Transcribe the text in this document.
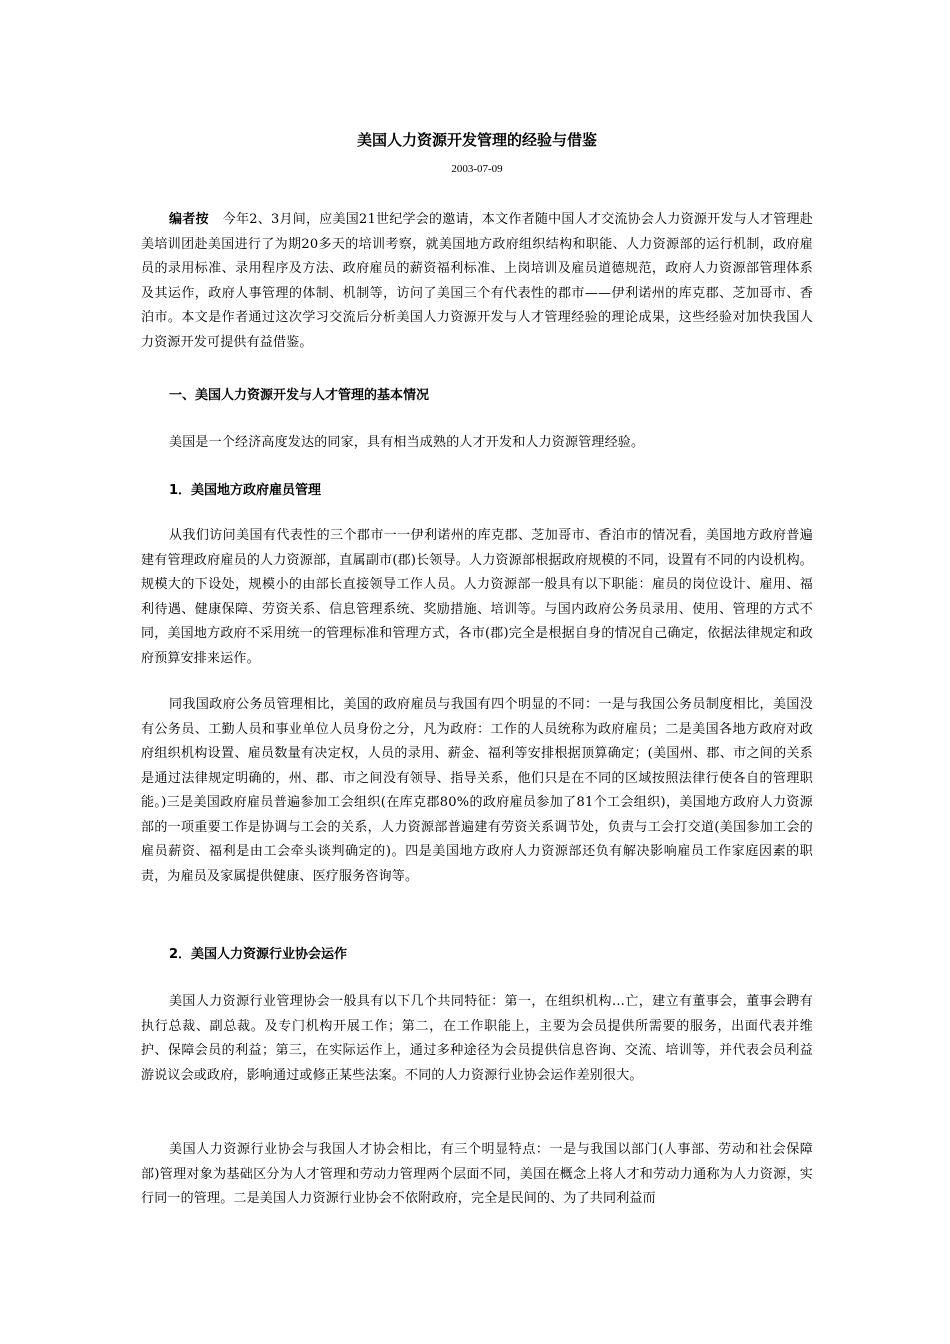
美国人力资源开发管理的经验与借鉴
2003-07-09

编者按 今年2、3月间，应美国21世纪学会的邀请，本文作者随中国人才交流协会人力资源开发与人才管理赴美培训团赴美国进行了为期20多天的培训考察，就美国地方政府组织结构和职能、人力资源部的运行机制，政府雇员的录用标准、录用程序及方法、政府雇员的薪资福利标准、上岗培训及雇员道德规范，政府人力资源部管理体系及其运作，政府人事管理的体制、机制等，访问了美国三个有代表性的郡市——伊利诺州的库克郡、芝加哥市、香泊市。本文是作者通过这次学习交流后分析美国人力资源开发与人才管理经验的理论成果，这些经验对加快我国人力资源开发可提供有益借鉴。

一、美国人力资源开发与人才管理的基本情况

美国是一个经济高度发达的同家，具有相当成熟的人才开发和人力资源管理经验。

1．美国地方政府雇员管理

从我们访问美国有代表性的三个郡市一一伊利诺州的库克郡、芝加哥市、香泊市的情况看，美国地方政府普遍建有管理政府雇员的人力资源部，直属副市(郡)长领导。人力资源部根据政府规模的不同，设置有不同的内设机构。规模大的下设处，规模小的由部长直接领导工作人员。人力资源部一般具有以下职能：雇员的岗位设计、雇用、福利待遇、健康保障、劳资关系、信息管理系统、奖励措施、培训等。与国内政府公务员录用、使用、管理的方式不同，美国地方政府不采用统一的管理标准和管理方式，各市(郡)完全是根据自身的情况自己确定，依据法律规定和政府预算安排来运作。

同我国政府公务员管理相比，美国的政府雇员与我国有四个明显的不同：一是与我国公务员制度相比，美国没有公务员、工勤人员和事业单位人员身份之分，凡为政府：工作的人员统称为政府雇员；二是美国各地方政府对政府组织机构设置、雇员数量有决定权，人员的录用、薪金、福利等安排根据顶算确定；(美国州、郡、市之间的关系是通过法律规定明确的，州、郡、市之间没有领导、指导关系，他们只是在不同的区域按照法律行使各自的管理职能。)三是美国政府雇员普遍参加工会组织(在库克郡80%的政府雇员参加了81个工会组织)，美国地方政府人力资源部的一项重要工作是协调与工会的关系，人力资源部普遍建有劳资关系调节处，负责与工会打交道(美国参加工会的雇员薪资、福利是由工会牵头谈判确定的)。四是美国地方政府人力资源部还负有解决影响雇员工作家庭因素的职责，为雇员及家属提供健康、医疗服务咨询等。

2．美国人力资源行业协会运作

美国人力资源行业管理协会一般具有以下几个共同特征：第一，在组织机构…亡，建立有董事会，董事会聘有执行总裁、副总裁。及专门机构开展工作；第二，在工作职能上，主要为会员提供所需要的服务，出面代表并维护、保障会员的利益；第三，在实际运作上，通过多种途径为会员提供信息咨询、交流、培训等，并代表会员利益游说议会或政府，影响通过或修正某些法案。不同的人力资源行业协会运作差别很大。

美国人力资源行业协会与我国人才协会相比，有三个明显特点：一是与我国以部门(人事部、劳动和社会保障部)管理对象为基础区分为人才管理和劳动力管理两个层面不同，美国在概念上将人才和劳动力通称为人力资源，实行同一的管理。二是美国人力资源行业协会不依附政府，完全是民间的、为了共同利益而
